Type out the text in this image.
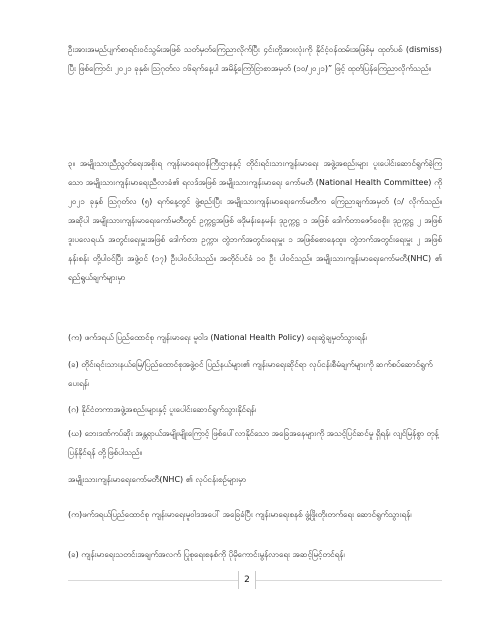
ဦးအားအမည်ပျက်စာရင်းဝင်သွမ်းအဖြစ် သတ်မှတ်ကြေညာလိုက်ပြီး ၄င်းတို့အားလုံးကို နိုင်ငံ့ဝန်ထမ်းအဖြစ်မှ ထုတ်ပစ် (dismiss) ပြီး ဖြစ်ကြောင်း ၂၀၂၁ ခုနှစ်၊ ဩဂုတ်လ ၁၆ရက်နေ့ပါ အမိန့်ကြော်ငြာစာအမှတ် (၁၀/၂၀၂၁)” ဖြင့် ထုတ်ပြန်ကြေညာလိုက်သည်။

၃။ အမျိုးသားညီညွတ်ရေးအစိုးရ ကျန်းမာရေးဝန်ကြီးဌာနနှင့် တိုင်းရင်းသားကျန်းမာရေး အဖွဲ့အစည်းများ ပူးပေါင်းဆောင်ရွက်ခဲ့ကြသော အမျိုးသားကျန်းမာရေးညီလာခံ၏ ရလဒ်အဖြစ် အမျိုးသားကျန်းမာရေး ကော်မတီ (National Health Committee) ကို ၂၀၂၁ ခုနှစ် ဩဂုတ်လ (၅) ရက်နေ့တွင် ဖွဲ့စည်းပြီး အမျိုးသားကျန်းမာရေးကော်မတီက ကြေညာချက်အမှတ် (၁/ လိုက်သည်။ အဆိုပါ အမျိုးသားကျန်းမာရေးကော်မတီတွင် ဥက္ကဋ္ဌအဖြစ် ဖဒိုမန်းနေမန်း ဒုဥက္ကဋ္ဌ ၁ အဖြစ် ဒေါက်တာဇော်ဝေစိုး၊ ဒုဥက္ကဋ္ဌ ၂ အဖြစ် ဒူးပလေရယ်၊ အတွင်းရေးမှူးအဖြစ် ဒေါက်တာ ဥက္ကာ၊ တွဲဘက်အတွင်းရေးမှူး ၁ အဖြစ်စောနေထူး၊ တွဲဘက်အတွင်းရေးမှူး ၂ အဖြစ် နန်းစန်း တို့ပါဝင်ပြီး အဖွဲ့ဝင် (၁၇) ဦးပါဝင်ပါသည်။ အတိုင်ပင်ခံ ၁၀ ဦး ပါဝင်သည်။ အမျိုးသားကျန်းမာရေးကော်မတီ(NHC) ၏ ရည်ရွယ်ချက်များမှာ

(က) ဖက်ဒရယ် ပြည်ထောင်စု ကျန်းမာရေး မူဝါဒ (National Health Policy) ရေးဆွဲချမှတ်သွားရန်၊

(ခ) တိုင်းရင်းသားနယ်မြေ/ပြည်ထောင်စုအဖွဲ့ဝင် ပြည်နယ်များ၏ ကျန်းမာရေးဆိုင်ရာ လုပ်ငန်းစီမံချက်များကို ဆက်စပ်ဆောင်ရွက်ပေးရန်၊

(ဂ) နိုင်ငံတကာအဖွဲ့အစည်းများနှင့် ပူးပေါင်းဆောင်ရွက်သွားနိုင်ရန်၊

(ဃ) ဘေးဒဏ်ကပ်ဆိုး အန္တရာယ်အမျိုးမျိုးကြောင့် ဖြစ်ပေါ်လာနိုင်သော အခြေအနေများကို အသင့်ပြင်ဆင်မှု ရှိရန်၊ လျင်မြန်စွာ တုန့်ပြန်နိုင်ရန် တို့ဖြစ်ပါသည်။

အမျိုးသားကျန်းမာရေးကော်မတီ(NHC) ၏ လုပ်ငန်းစဉ်များမှာ

(က)ဖက်ဒရယ်ပြည်ထောင်စု ကျန်းမာရေးမူဝါဒအပေါ် အခြေခံပြီး ကျန်းမာရေးစနစ် ဖွံ့ဖြိုးတိုးတက်ရေး ဆောင်ရွက်သွားရန်၊

(ခ) ကျန်းမာရေးသတင်းအချက်အလက် ပြုစုရေးစနစ်ကို ပိုမိုကောင်းမွန်လာရေး အဆင့်မြင့်တင်ရန်၊

2
